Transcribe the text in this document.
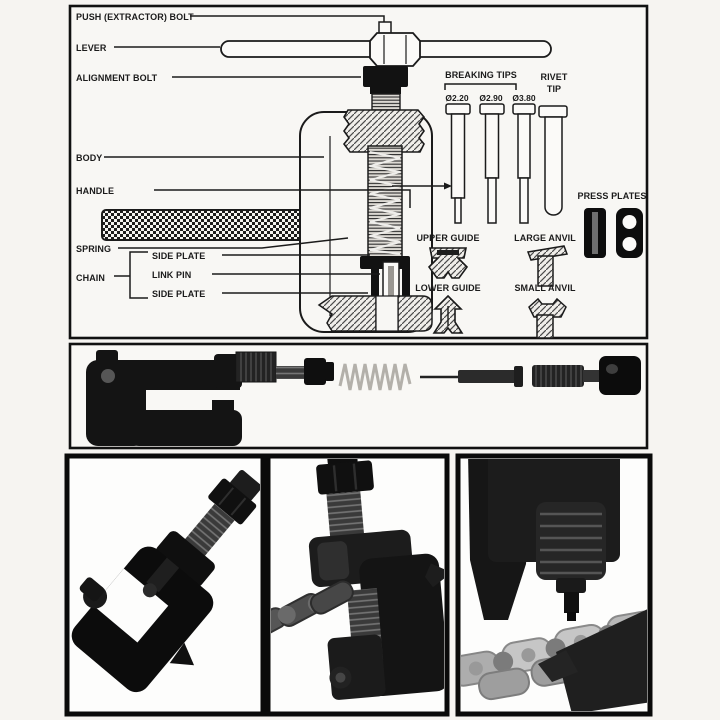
PUSH (EXTRACTOR) BOLT
LEVER
ALIGNMENT BOLT
BODY
HANDLE
SPRING
CHAIN
SIDE PLATE
LINK PIN
SIDE PLATE
BREAKING TIPS
Ø2.20 Ø2.90 Ø3.80
RIVET
TIP
UPPER GUIDE	LARGE ANVIL
LOWER GUIDE	SMALL ANVIL
PRESS PLATES
